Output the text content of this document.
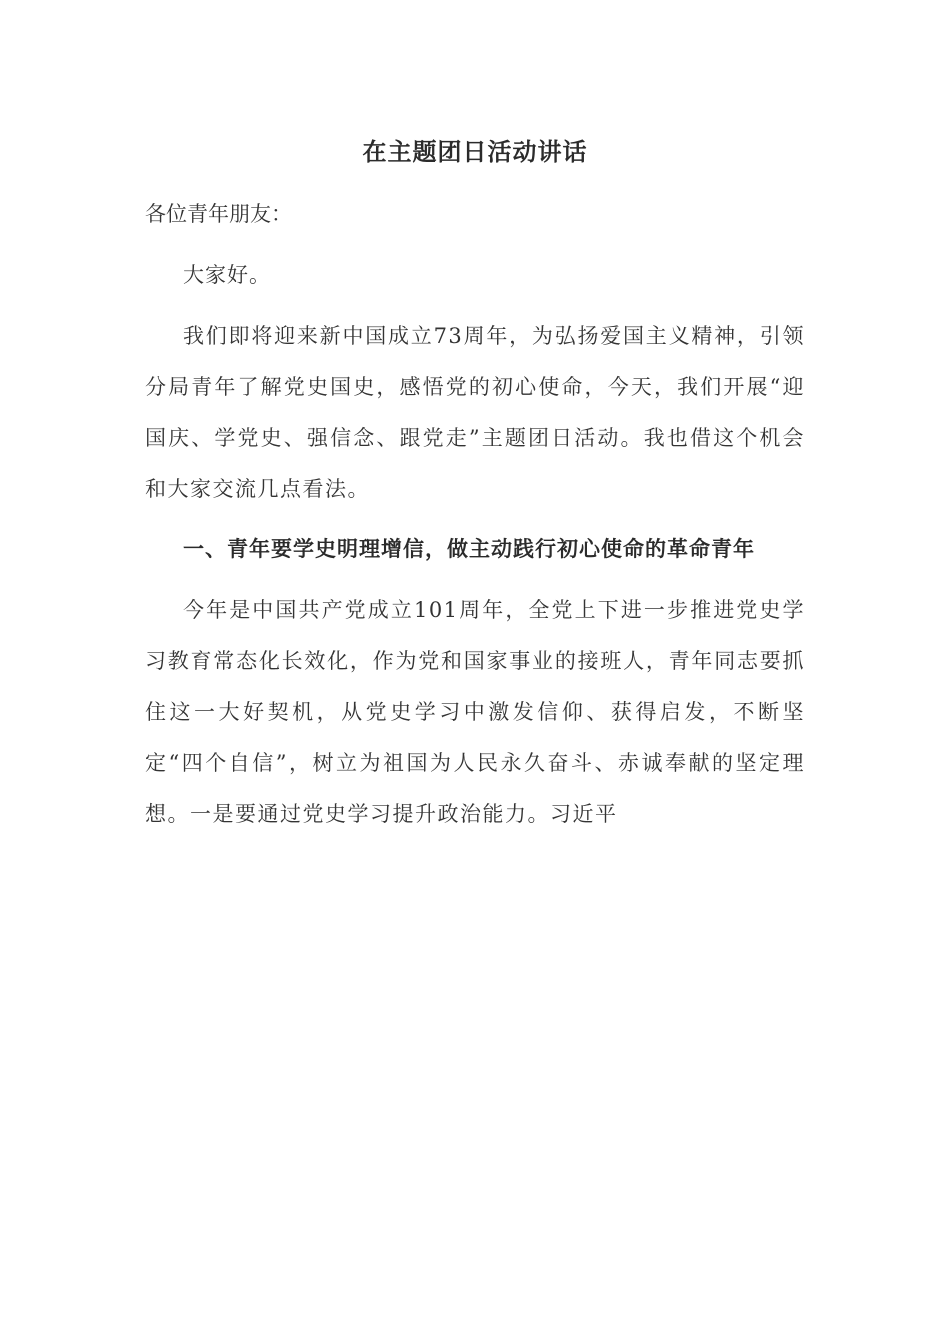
在主题团日活动讲话

各位青年朋友：

大家好。

我们即将迎来新中国成立73周年，为弘扬爱国主义精神，引领分局青年了解党史国史，感悟党的初心使命，今天，我们开展“迎国庆、学党史、强信念、跟党走”主题团日活动。我也借这个机会和大家交流几点看法。

一、青年要学史明理增信，做主动践行初心使命的革命青年

今年是中国共产党成立101周年，全党上下进一步推进党史学习教育常态化长效化，作为党和国家事业的接班人，青年同志要抓住这一大好契机，从党史学习中激发信仰、获得启发，不断坚定“四个自信”，树立为祖国为人民永久奋斗、赤诚奉献的坚定理想。一是要通过党史学习提升政治能力。习近平
